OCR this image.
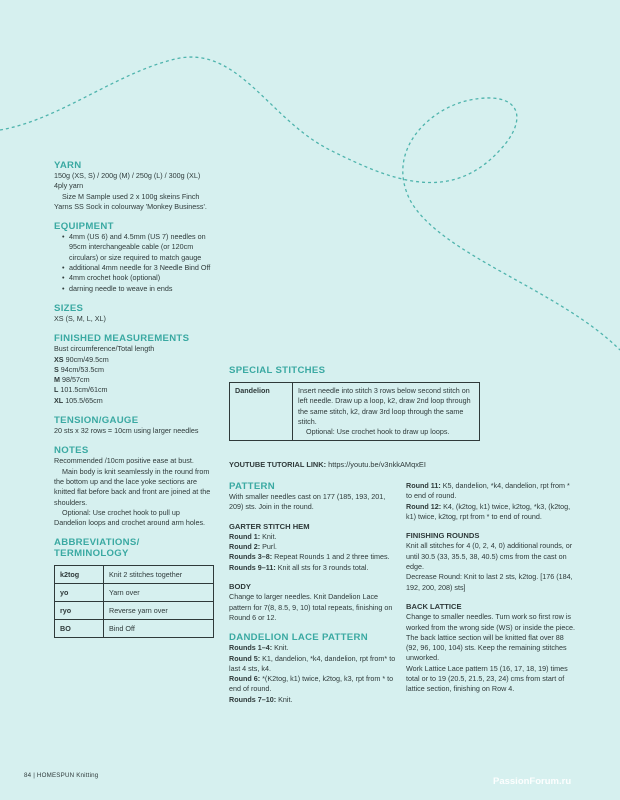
YARN

150g (XS, S) / 200g (M) / 250g (L) / 300g (XL) 4ply yarn

Size M Sample used 2 x 100g skeins Finch Yarns SS Sock in colourway 'Monkey Business'.

EQUIPMENT
• 4mm (US 6) and 4.5mm (US 7) needles on 95cm interchangeable cable (or 120cm circulars) or size required to match gauge
• additional 4mm needle for 3 Needle Bind Off
• 4mm crochet hook (optional)
• darning needle to weave in ends
SIZES

XS (S, M, L, XL)

FINISHED MEASUREMENTS

Bust circumference/Total length

XS 90cm/49.5cm

S 94cm/53.5cm

M 98/57cm

L 101.5cm/61cm

XL 105.5/65cm

TENSION/GAUGE

20 sts x 32 rows = 10cm using larger needles

NOTES

Recommended /10cm positive ease at bust.

Main body is knit seamlessly in the round from the bottom up and the lace yoke sections are knitted flat before back and front are joined at the shoulders.

Optional: Use crochet hook to pull up Dandelion loops and crochet around arm holes.

ABBREVIATIONS/ TERMINOLOGY
k2tog	Knit 2 stitches together
yo	Yarn over
ryo	Reverse yarn over
BO	Bind Off
SPECIAL STITCHES
Dandelion	Insert needle into stitch 3 rows below second stitch on left needle. Draw up a loop, k2, draw 2nd loop through the same stitch, k2, draw 3rd loop through the same stitch.
Optional: Use crochet hook to draw up loops.
YOUTUBE TUTORIAL LINK: https://youtu.be/v3nkkAMqxEI
PATTERN

With smaller needles cast on 177 (185, 193, 201, 209) sts. Join in the round.

GARTER STITCH HEM

Round 1: Knit.

Round 2: Purl.

Rounds 3–8: Repeat Rounds 1 and 2 three times.

Rounds 9–11: Knit all sts for 3 rounds total.

BODY

Change to larger needles. Knit Dandelion Lace pattern for 7(8, 8.5, 9, 10) total repeats, finishing on Round 6 or 12.

DANDELION LACE PATTERN

Rounds 1–4: Knit.

Round 5: K1, dandelion, *k4, dandelion, rpt from* to last 4 sts, k4.

Round 6: *(K2tog, k1) twice, k2tog, k3, rpt from * to end of round.

Rounds 7–10: Knit.

Round 11: K5, dandelion, *k4, dandelion, rpt from * to end of round.

Round 12: K4, (k2tog, k1) twice, k2tog, *k3, (k2tog, k1) twice, k2tog, rpt from * to end of round.

FINISHING ROUNDS

Knit all stitches for 4 (0, 2, 4, 0) additional rounds, or until 30.5 (33, 35.5, 38, 40.5) cms from the cast on edge.

Decrease Round: Knit to last 2 sts, k2tog. [176 (184, 192, 200, 208) sts]

BACK LATTICE

Change to smaller needles. Turn work so first row is worked from the wrong side (WS) or inside the piece. The back lattice section will be knitted flat over 88 (92, 96, 100, 104) sts. Keep the remaining stitches unworked.

Work Lattice Lace pattern 15 (16, 17, 18, 19) times total or to 19 (20.5, 21.5, 23, 24) cms from start of lattice section, finishing on Row 4.

84 | HOMESPUN Knitting
PassionForum.ru
